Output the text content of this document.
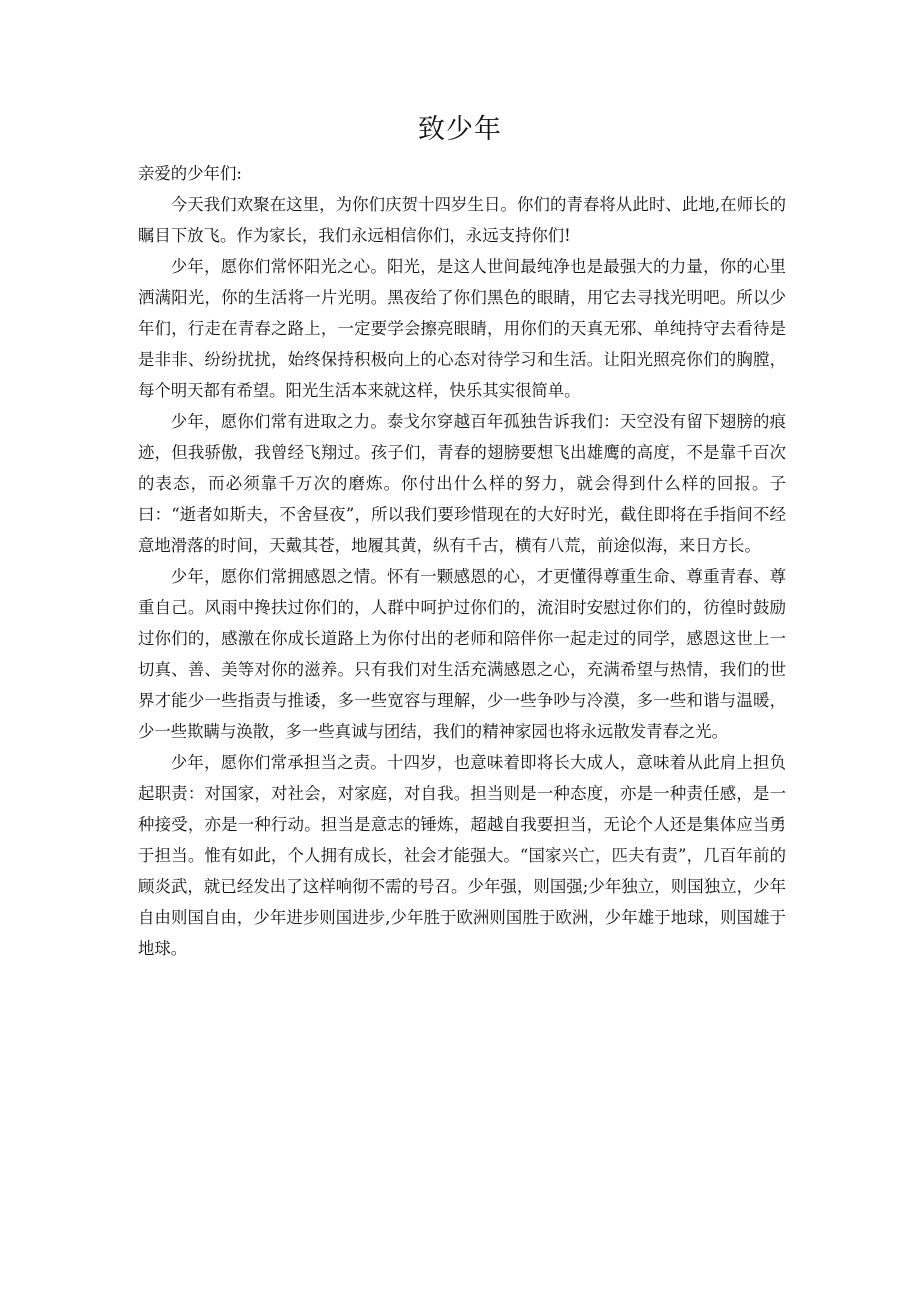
致少年

亲爱的少年们:

今天我们欢聚在这里，为你们庆贺十四岁生日。你们的青春将从此时、此地,在师长的瞩目下放飞。作为家长，我们永远相信你们，永远支持你们!

少年，愿你们常怀阳光之心。阳光，是这人世间最纯净也是最强大的力量，你的心里洒满阳光，你的生活将一片光明。黑夜给了你们黑色的眼睛，用它去寻找光明吧。所以少年们，行走在青春之路上，一定要学会擦亮眼睛，用你们的天真无邪、单纯持守去看待是是非非、纷纷扰扰，始终保持积极向上的心态对待学习和生活。让阳光照亮你们的胸膛，每个明天都有希望。阳光生活本来就这样，快乐其实很简单。

少年，愿你们常有进取之力。泰戈尔穿越百年孤独告诉我们：天空没有留下翅膀的痕迹，但我骄傲，我曾经飞翔过。孩子们，青春的翅膀要想飞出雄鹰的高度，不是靠千百次的表态，而必须靠千万次的磨炼。你付出什么样的努力，就会得到什么样的回报。子曰：“逝者如斯夫，不舍昼夜”，所以我们要珍惜现在的大好时光，截住即将在手指间不经意地滑落的时间，天戴其苍，地履其黄，纵有千古，横有八荒，前途似海，来日方长。

少年，愿你们常拥感恩之情。怀有一颗感恩的心，才更懂得尊重生命、尊重青春、尊重自己。风雨中搀扶过你们的，人群中呵护过你们的，流泪时安慰过你们的，彷徨时鼓励过你们的，感激在你成长道路上为你付出的老师和陪伴你一起走过的同学，感恩这世上一切真、善、美等对你的滋养。只有我们对生活充满感恩之心，充满希望与热情，我们的世界才能少一些指责与推诿，多一些宽容与理解，少一些争吵与冷漠，多一些和谐与温暖，少一些欺瞒与涣散，多一些真诚与团结，我们的精神家园也将永远散发青春之光。

少年，愿你们常承担当之责。十四岁，也意味着即将长大成人，意味着从此肩上担负起职责：对国家，对社会，对家庭，对自我。担当则是一种态度，亦是一种责任感，是一种接受，亦是一种行动。担当是意志的锤炼，超越自我要担当，无论个人还是集体应当勇于担当。惟有如此，个人拥有成长，社会才能强大。“国家兴亡，匹夫有责”，几百年前的顾炎武，就已经发出了这样响彻不需的号召。少年强，则国强;少年独立，则国独立，少年自由则国自由，少年进步则国进步,少年胜于欧洲则国胜于欧洲，少年雄于地球，则国雄于地球。
